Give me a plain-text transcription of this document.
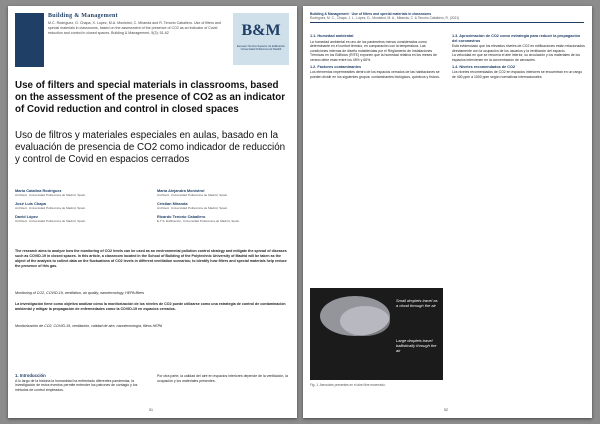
Building & Management
M.C. Rodríguez, G. Chapa, X. Lopez, M.A. Monistrol, C. Miranda and R. Tenorio Caballero. Use of filters and special materials in classrooms, based on the assessment of the presence of CO2 as an indicator of Covid reduction and control in closed spaces. Building & Management, 5(3): 51-62	B&M
Escuela Técnica Superior de Edificación Universidad Politécnica de Madrid
Use of filters and special materials in classrooms, based on the assessment of the presence of CO2 as an indicator of Covid reduction and control in closed spaces
Uso de filtros y materiales especiales en aulas, basado en la evaluación de presencia de CO2 como indicador de reducción y control de Covid en espacios cerrados
María Catalina Rodríguez
Architect. Universidad Politécnica de Madrid, Spain.
María Alejandra Monistrol
Architect. Universidad Politécnica de Madrid, Spain.
José Luis Chapa
Architect. Universidad Politécnica de Madrid, Spain.
Cristian Miranda
Architect. Universidad Politécnica de Madrid, Spain.
David López
Architect. Universidad Politécnica de Madrid, Spain.
Ricardo Tenorio Caballero
E.T.S. Edificación, Universidad Politécnica de Madrid, Spain.
The research aims to analyze how the monitoring of CO2 levels can be used as an environmental pollution control strategy and mitigate the spread of diseases such as COVID-19 in closed spaces. In this article, a classroom located in the School of Building of the Polytechnic University of Madrid will be taken as the object of the analysis to collect data on the fluctuations of CO2 levels in different ventilation scenarios; to identify how filters and special materials help reduce the presence of this gas.
Monitoring of CO2, COVID-19, ventilation, air quality, nanotecnology, HEPA filters
La investigación tiene como objetivo analizar cómo la monitorización de los niveles de CO2 puede utilizarse como una estrategia de control de contaminación ambiental y mitigar la propagación de enfermedades como la COVID-19 en espacios cerrados.
Monitorización de CO2, COVID-19, ventilación, calidad de aire, nanotecnología, filtros HEPA
1. Introducción
A lo largo de la historia la humanidad ha enfrentado diferentes pandemias, la investigación de estos eventos permite entender los patrones de contagio y los métodos de control empleados.
Por otra parte, la calidad del aire en espacios interiores depende de la ventilación, la ocupación y los materiales presentes.
51
Building & Management · Use of filters and special materials in classrooms
Rodríguez, M. C., Chapa, J. L., López, D., Monistrol, M. A., Miranda, C. & Tenorio Caballero, R. (2021)
1.1. Humedad ambiental
La humedad ambiental es uno de los parámetros menos considerados como determinante en el confort térmico, en comparación con la temperatura. Las condiciones internas de diseño establecidas por el Reglamento de Instalaciones Térmicas en los Edificios (RITE) exponen que la humedad relativa en los meses de verano debe estar entre los 45% y 60%.
1.2. Factores contaminantes
Los elementos impermeables dentro de los espacios cerrados de las habitaciones se pueden dividir en los siguientes grupos: contaminantes biológicos, químicos y físicos.
Small droplets travel as a cloud through the air
Large droplets travel ballistically through the air
Fig. 1. Aerosoles presentes en el aire libre encerrado.
1.3. Aproximación de CO2 como estrategia para reducir la propagación del coronavirus
Está evidenciado que los elevados niveles de CO2 en edificaciones están relacionados directamente con la ocupación de los usuarios y la ventilación del espacio.
La velocidad en que se renueva el aire interior, su circulación y los materiales de los espacios intervienen en la concentración de aerosoles.
1.4. Niveles recomendados de CO2
Los niveles recomendados de CO2 en espacios interiores se encuentran en un rango de 400 ppm a 1000 ppm según normativas internacionales.
52
